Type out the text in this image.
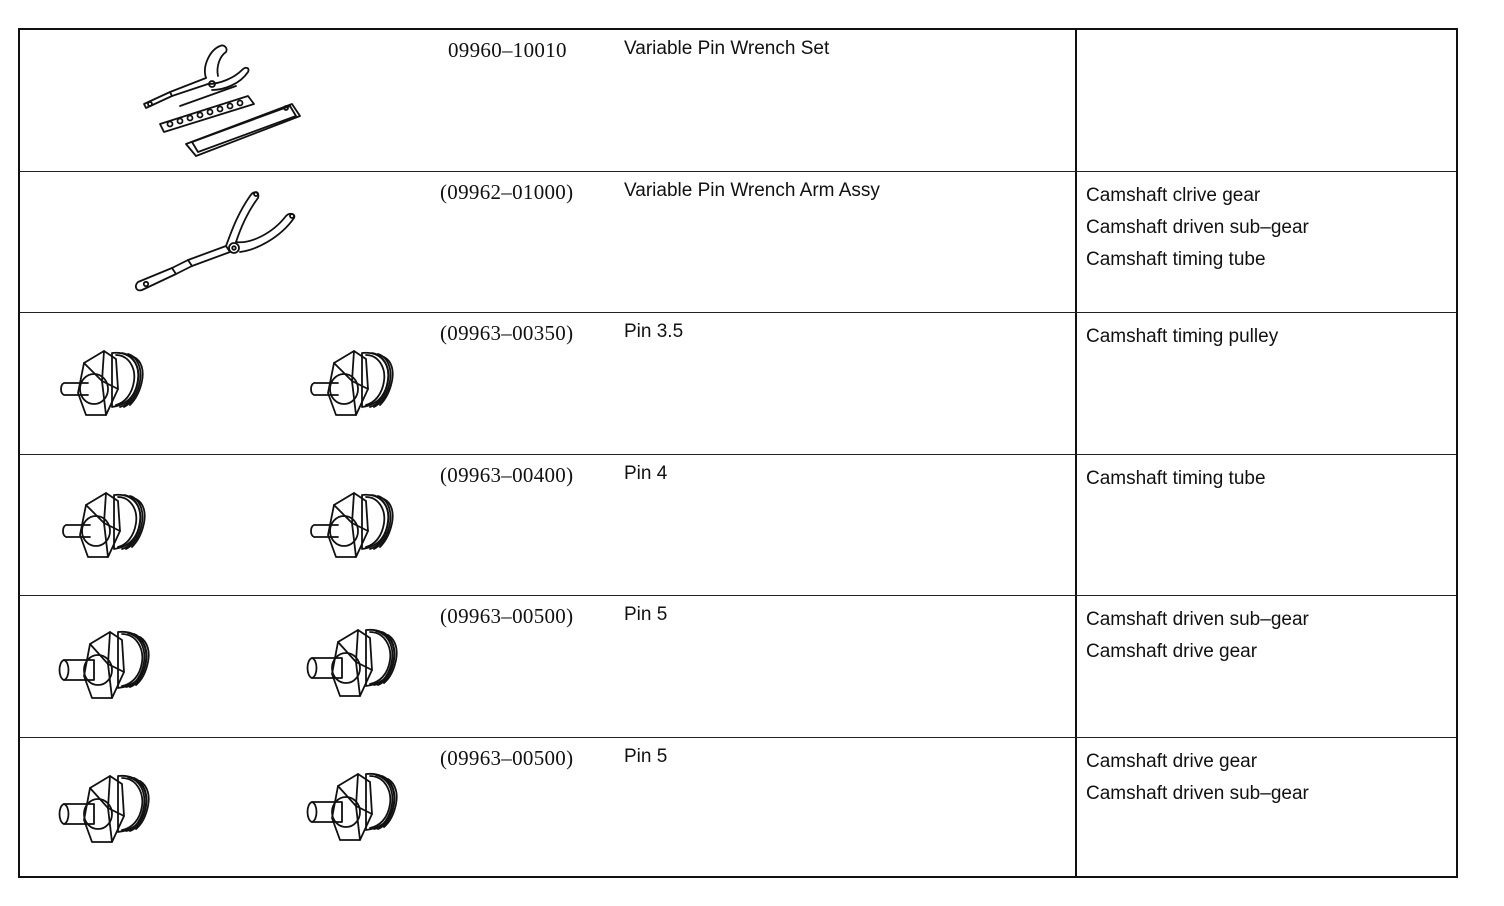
09960–10010	Variable Pin Wrench Set
(09962–01000)	Variable Pin Wrench Arm Assy	Camshaft clrive gear
Camshaft driven sub–gear
Camshaft timing tube
(09963–00350)	Pin 3.5	Camshaft timing pulley
(09963–00400)	Pin 4	Camshaft timing tube
(09963–00500)	Pin 5	Camshaft driven sub–gear
Camshaft drive gear
(09963–00500)	Pin 5	Camshaft drive gear
Camshaft driven sub–gear
